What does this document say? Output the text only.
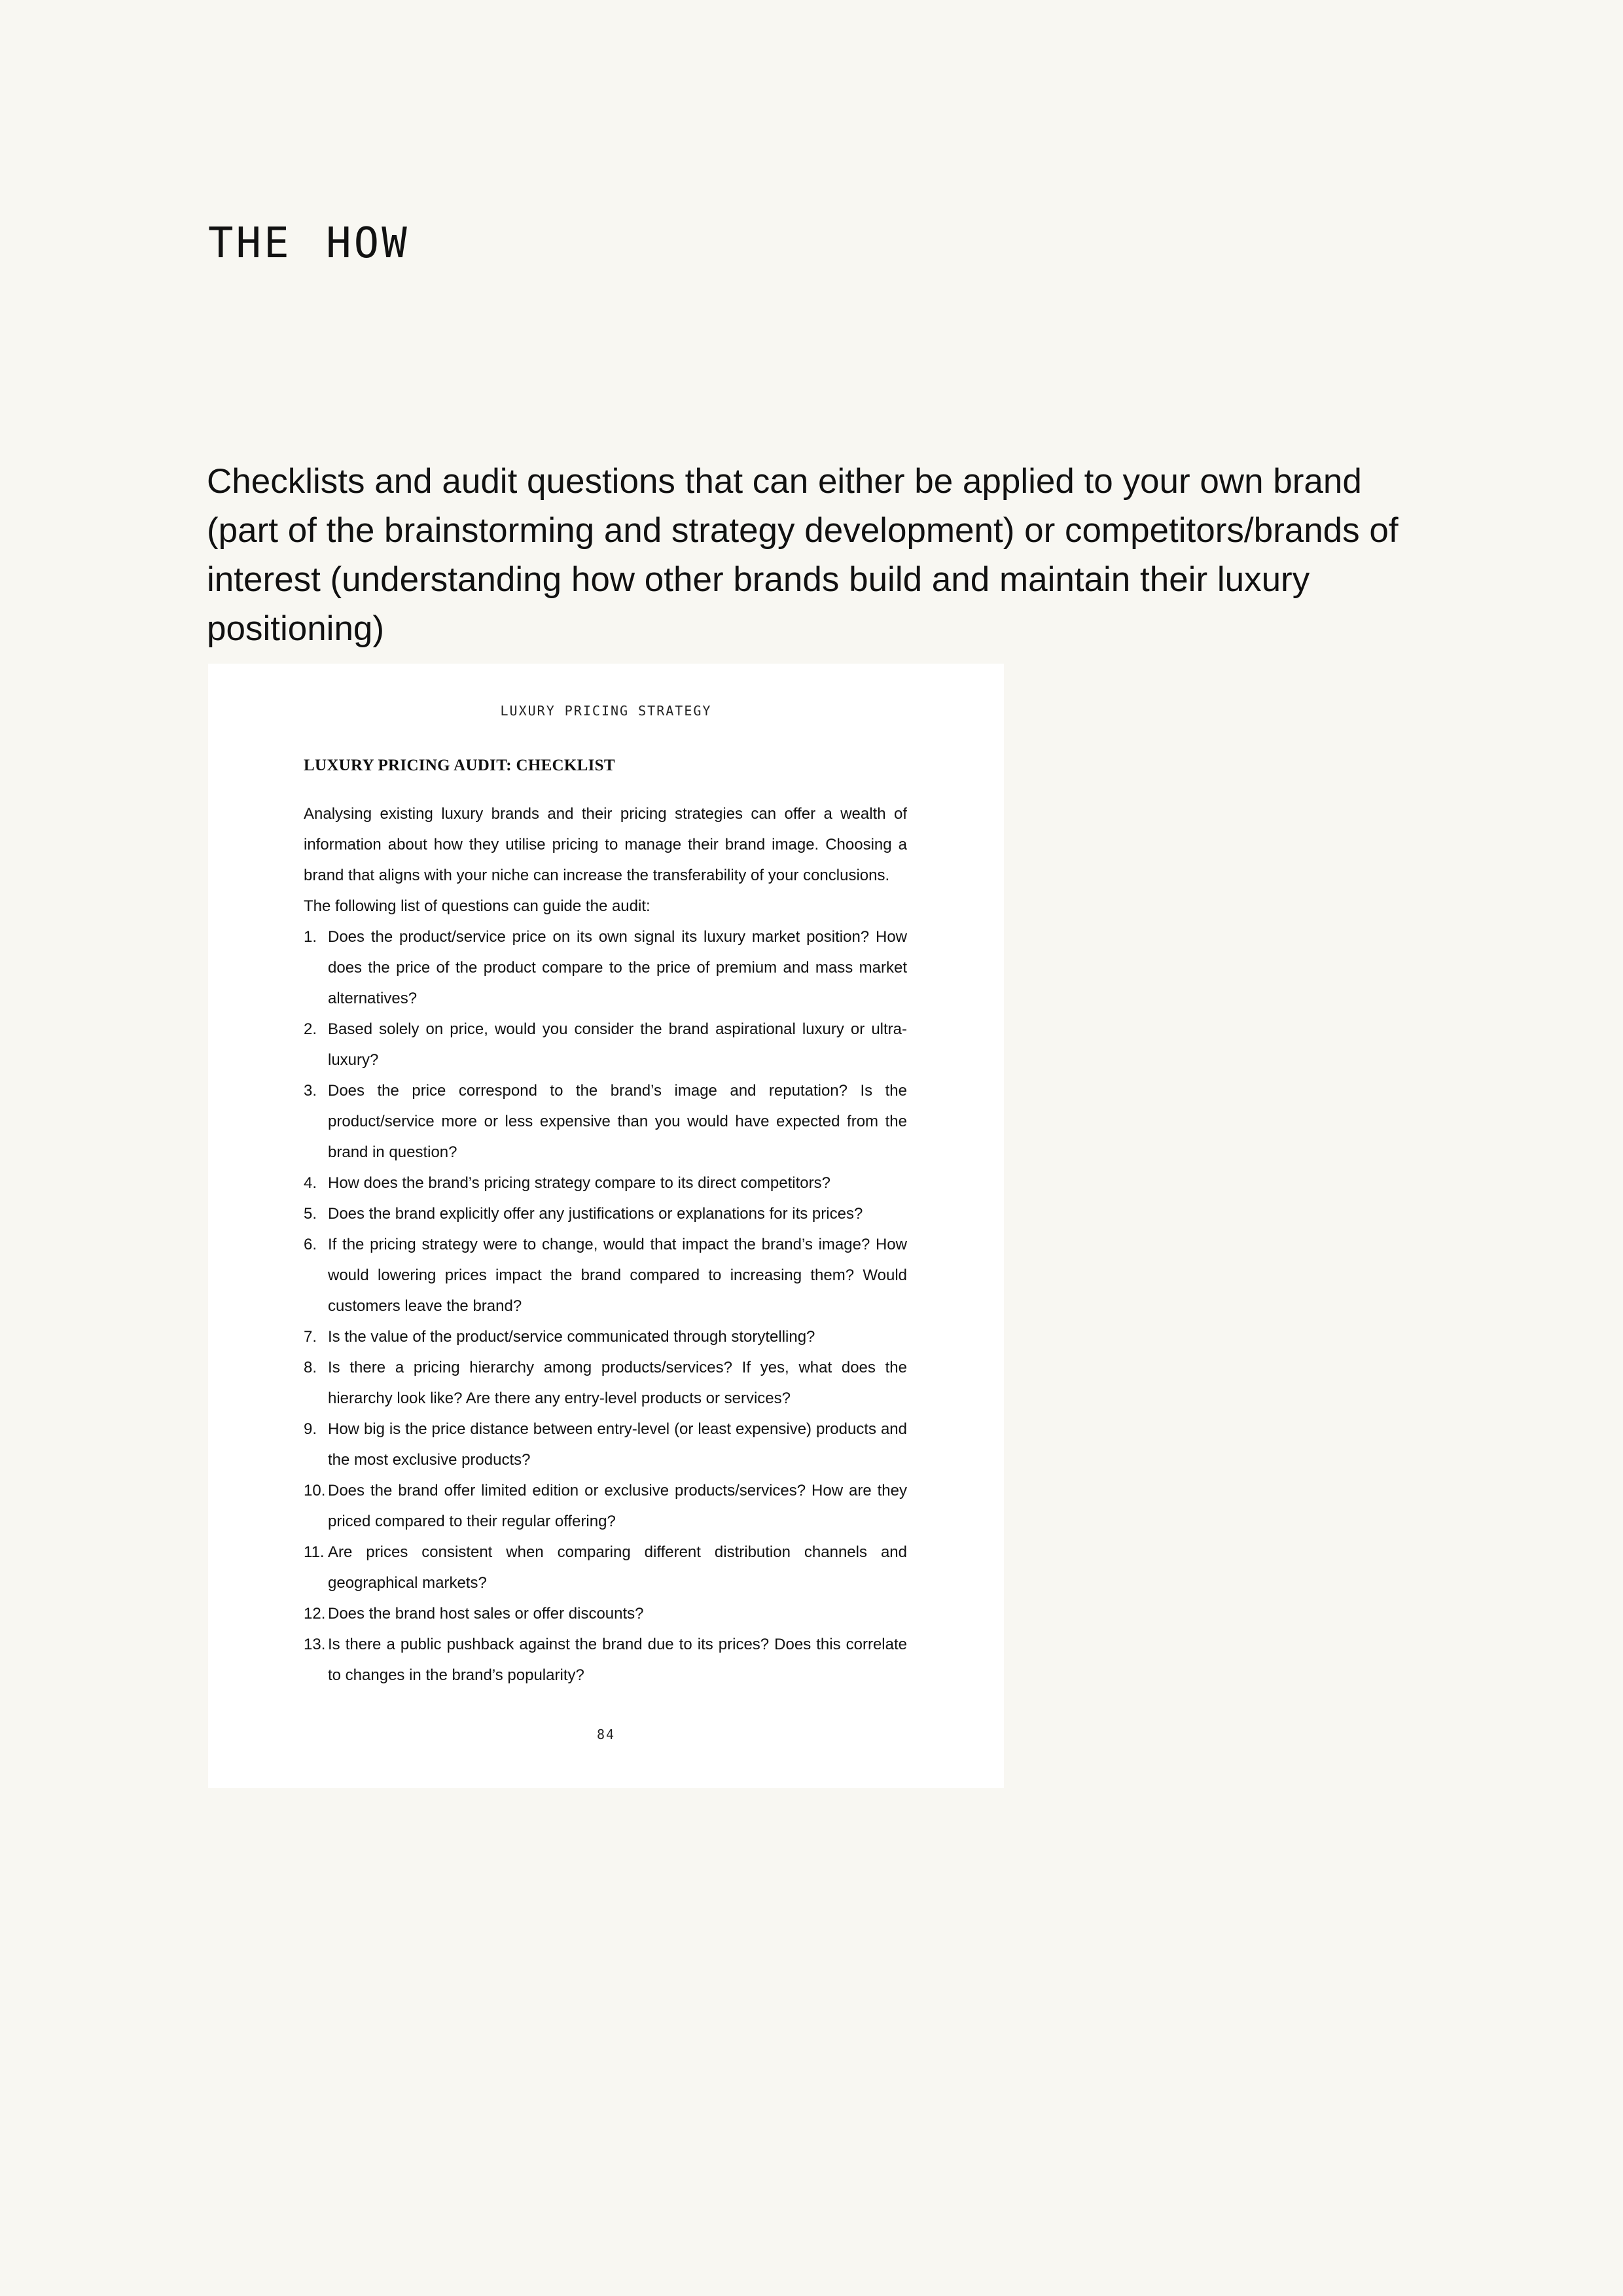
THE HOW

Checklists and audit questions that can either be applied to your own brand (part of the brainstorming and strategy development) or competitors/brands of interest (understanding how other brands build and maintain their luxury positioning)

LUXURY PRICING STRATEGY

LUXURY PRICING AUDIT: CHECKLIST

Analysing existing luxury brands and their pricing strategies can offer a wealth of information about how they utilise pricing to manage their brand image. Choosing a brand that aligns with your niche can increase the transferability of your conclusions.
The following list of questions can guide the audit:

1. Does the product/service price on its own signal its luxury market position? How does the price of the product compare to the price of premium and mass market alternatives?
2. Based solely on price, would you consider the brand aspirational luxury or ultra-luxury?
3. Does the price correspond to the brand’s image and reputation? Is the product/service more or less expensive than you would have expected from the brand in question?
4. How does the brand’s pricing strategy compare to its direct competitors?
5. Does the brand explicitly offer any justifications or explanations for its prices?
6. If the pricing strategy were to change, would that impact the brand’s image? How would lowering prices impact the brand compared to increasing them? Would customers leave the brand?
7. Is the value of the product/service communicated through storytelling?
8. Is there a pricing hierarchy among products/services? If yes, what does the hierarchy look like? Are there any entry-level products or services?
9. How big is the price distance between entry-level (or least expensive) products and the most exclusive products?
10. Does the brand offer limited edition or exclusive products/services? How are they priced compared to their regular offering?
11. Are prices consistent when comparing different distribution channels and geographical markets?
12. Does the brand host sales or offer discounts?
13. Is there a public pushback against the brand due to its prices? Does this correlate to changes in the brand’s popularity?

84
